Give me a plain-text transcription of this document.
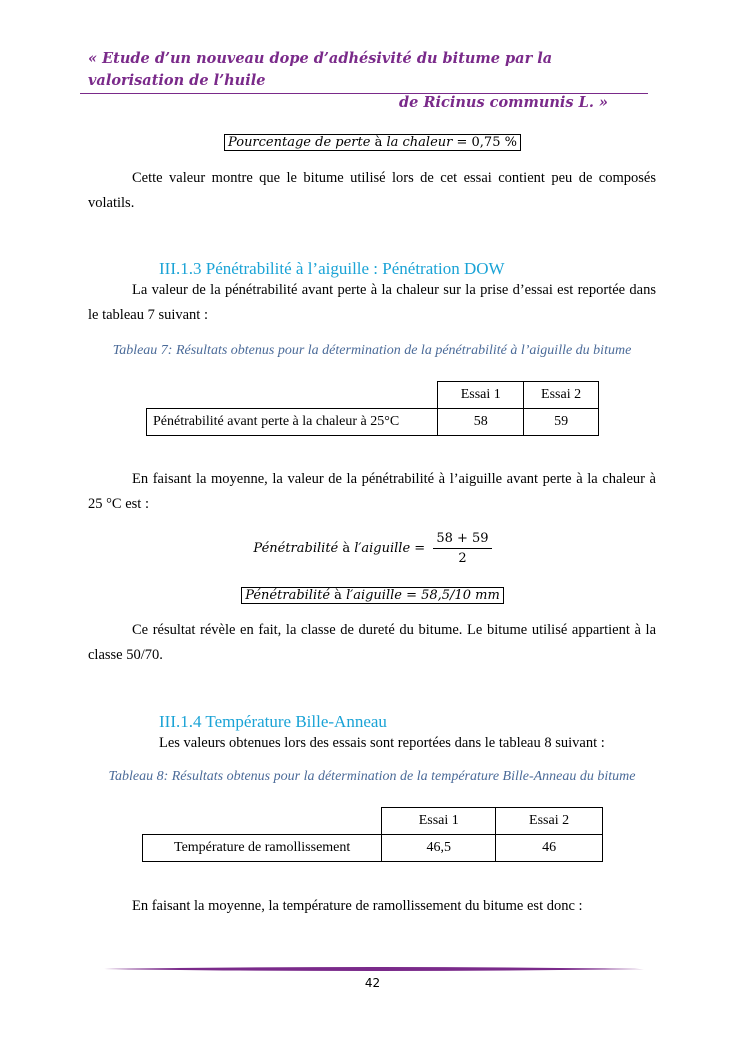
« Etude d’un nouveau dope d’adhésivité du bitume par la valorisation de l’huile
de Ricinus communis L. »
Pourcentage de perte à la chaleur = 0,75 %
Cette valeur montre que le bitume utilisé lors de cet essai contient peu de composés volatils.
III.1.3 Pénétrabilité à l’aiguille : Pénétration DOW
La valeur de la pénétrabilité avant perte à la chaleur sur la prise d’essai est reportée dans le tableau 7 suivant :
Tableau 7: Résultats obtenus pour la détermination de la pénétrabilité à l’aiguille du bitume
	Essai 1	Essai 2
Pénétrabilité avant perte à la chaleur à 25°C	58	59
En faisant la moyenne, la valeur de la pénétrabilité à l’aiguille avant perte à la chaleur à 25 °C est :
Pénétrabilité à l′aiguille = $\frac{58 + 59}{2}$
Pénétrabilité à l′aiguille = 58,5/10 mm
Ce résultat révèle en fait, la classe de dureté du bitume. Le bitume utilisé appartient à la classe 50/70.
III.1.4 Température Bille-Anneau
Les valeurs obtenues lors des essais sont reportées dans le tableau 8 suivant :
Tableau 8: Résultats obtenus pour la détermination de la température Bille-Anneau du bitume
	Essai 1	Essai 2
Température de ramollissement	46,5	46
En faisant la moyenne, la température de ramollissement du bitume est donc :
42
